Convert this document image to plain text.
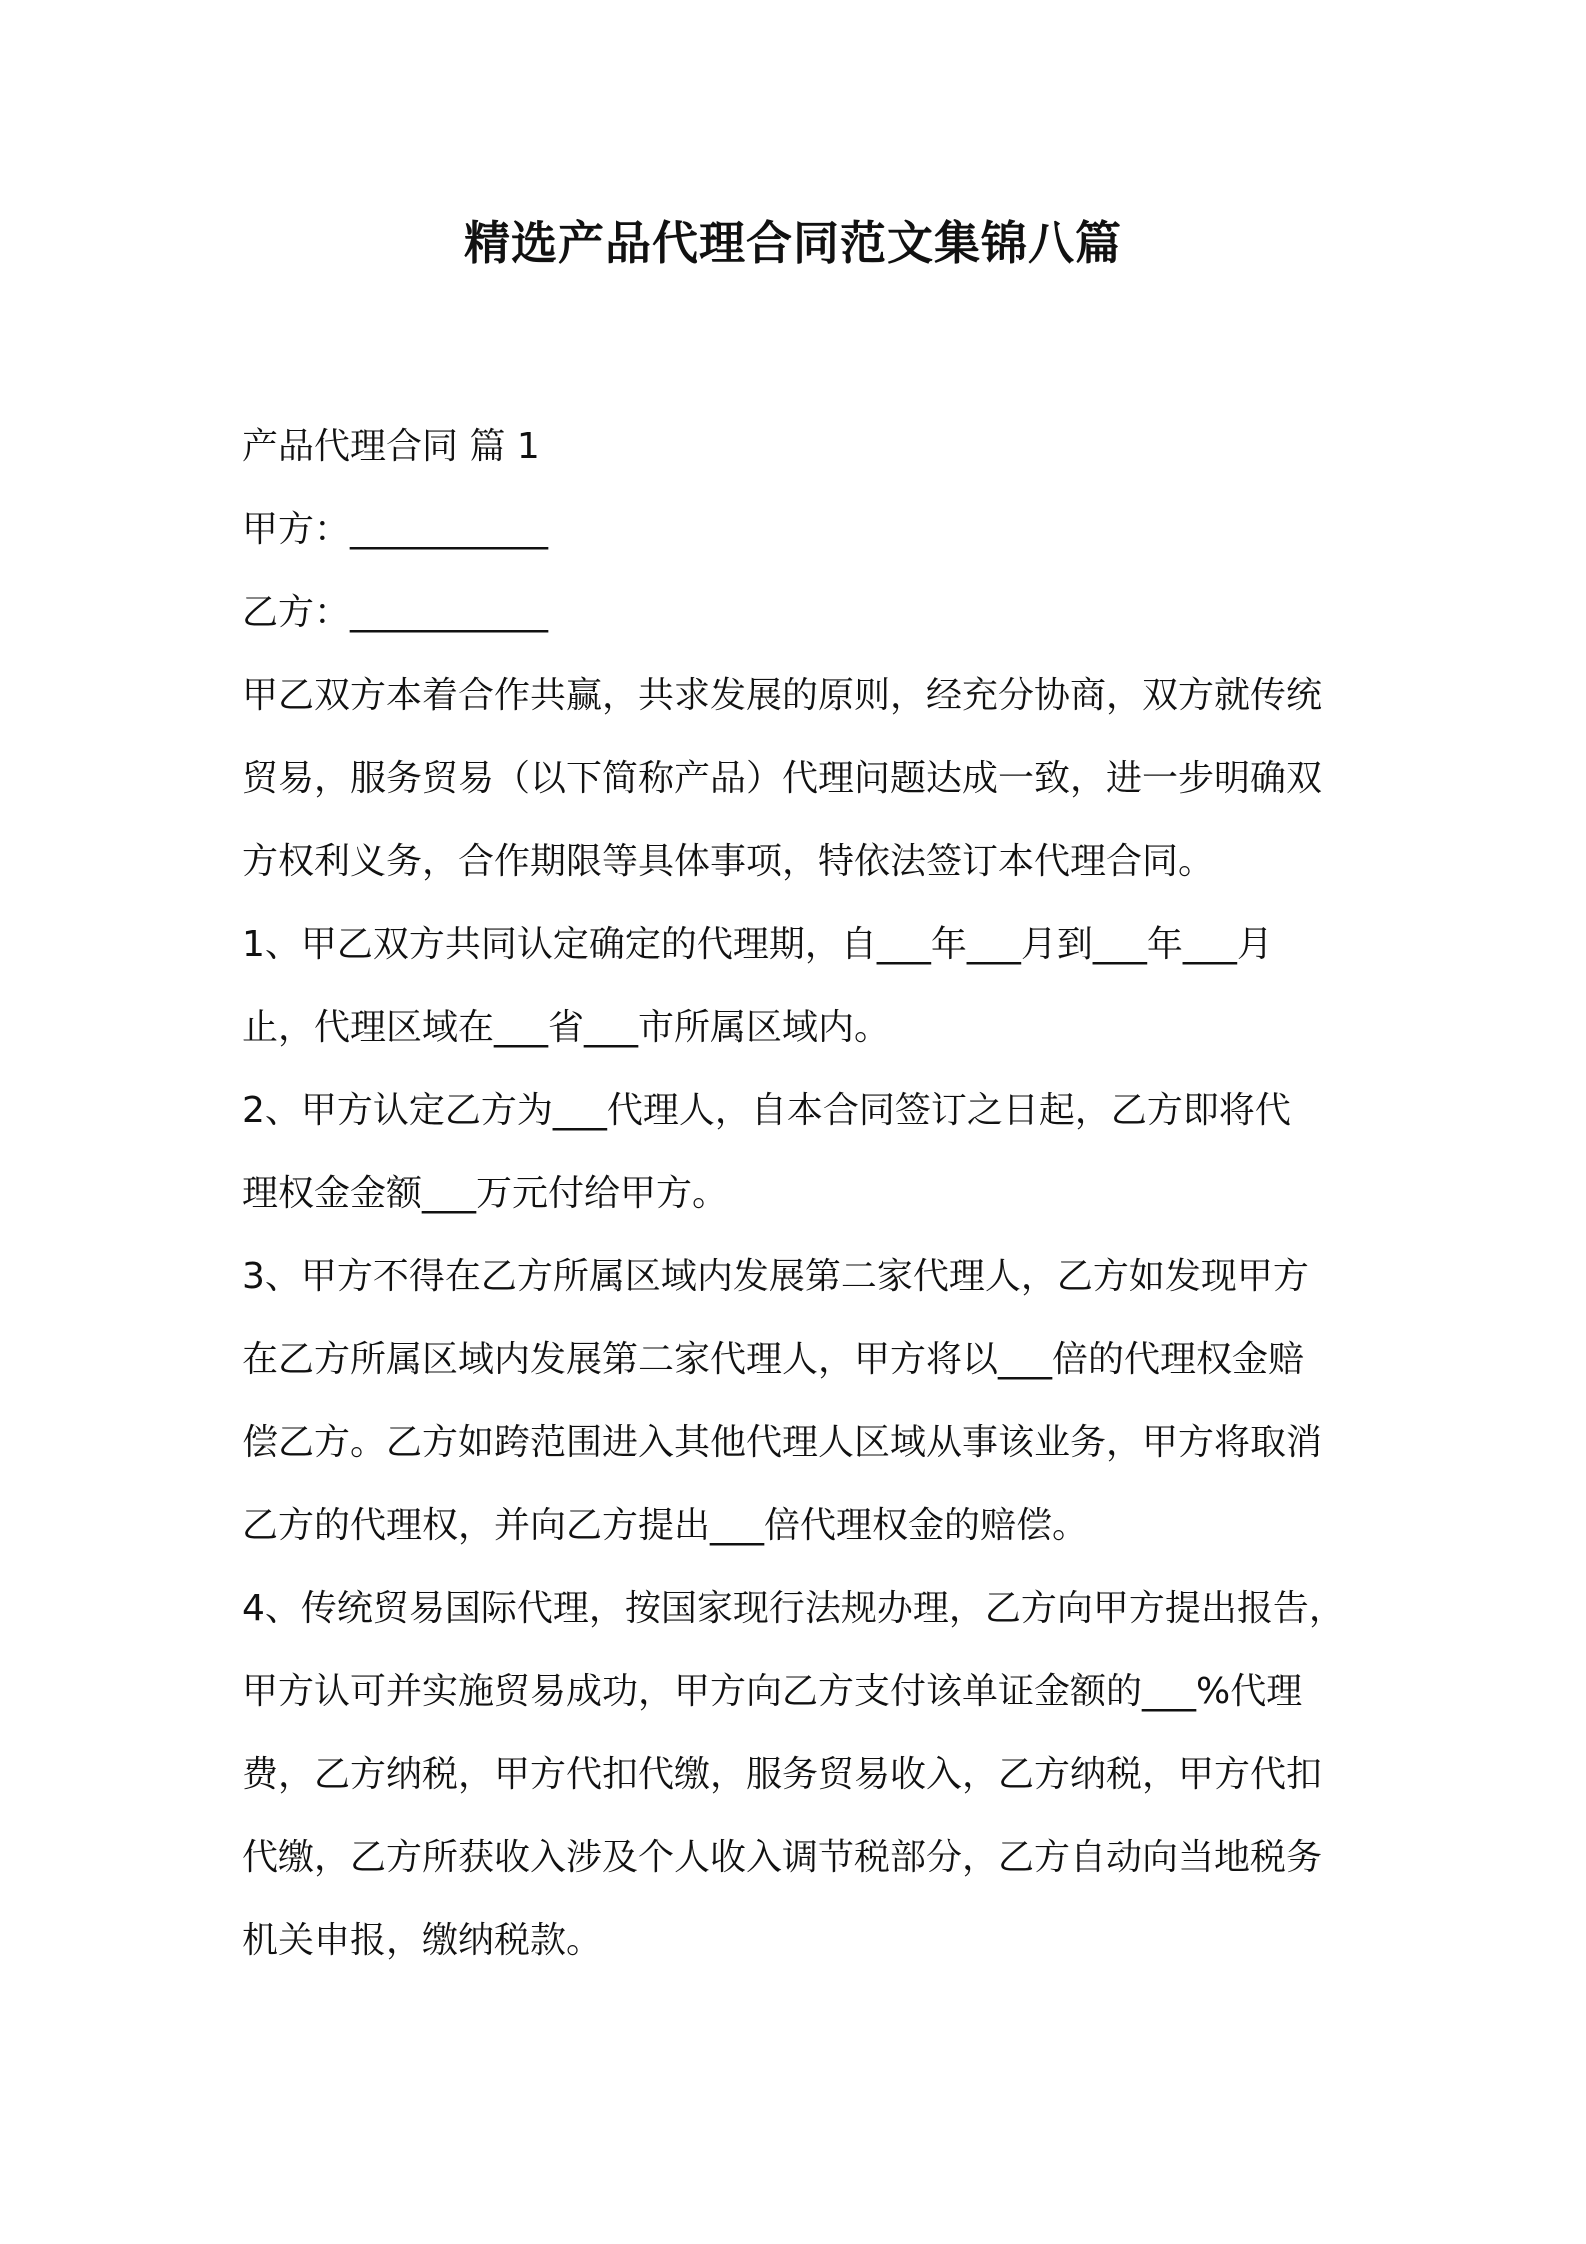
精选产品代理合同范文集锦八篇
产品代理合同 篇 1
甲方：___________
乙方：___________
甲乙双方本着合作共赢，共求发展的原则，经充分协商，双方就传统
贸易，服务贸易（以下简称产品）代理问题达成一致，进一步明确双
方权利义务，合作期限等具体事项，特依法签订本代理合同。
1、甲乙双方共同认定确定的代理期，自___年___月到___年___月
止，代理区域在___省___市所属区域内。
2、甲方认定乙方为___代理人，自本合同签订之日起，乙方即将代
理权金金额___万元付给甲方。
3、甲方不得在乙方所属区域内发展第二家代理人，乙方如发现甲方
在乙方所属区域内发展第二家代理人，甲方将以___倍的代理权金赔
偿乙方。乙方如跨范围进入其他代理人区域从事该业务，甲方将取消
乙方的代理权，并向乙方提出___倍代理权金的赔偿。
4、传统贸易国际代理，按国家现行法规办理，乙方向甲方提出报告，
甲方认可并实施贸易成功，甲方向乙方支付该单证金额的___%代理
费，乙方纳税，甲方代扣代缴，服务贸易收入，乙方纳税，甲方代扣
代缴，乙方所获收入涉及个人收入调节税部分，乙方自动向当地税务
机关申报，缴纳税款。
